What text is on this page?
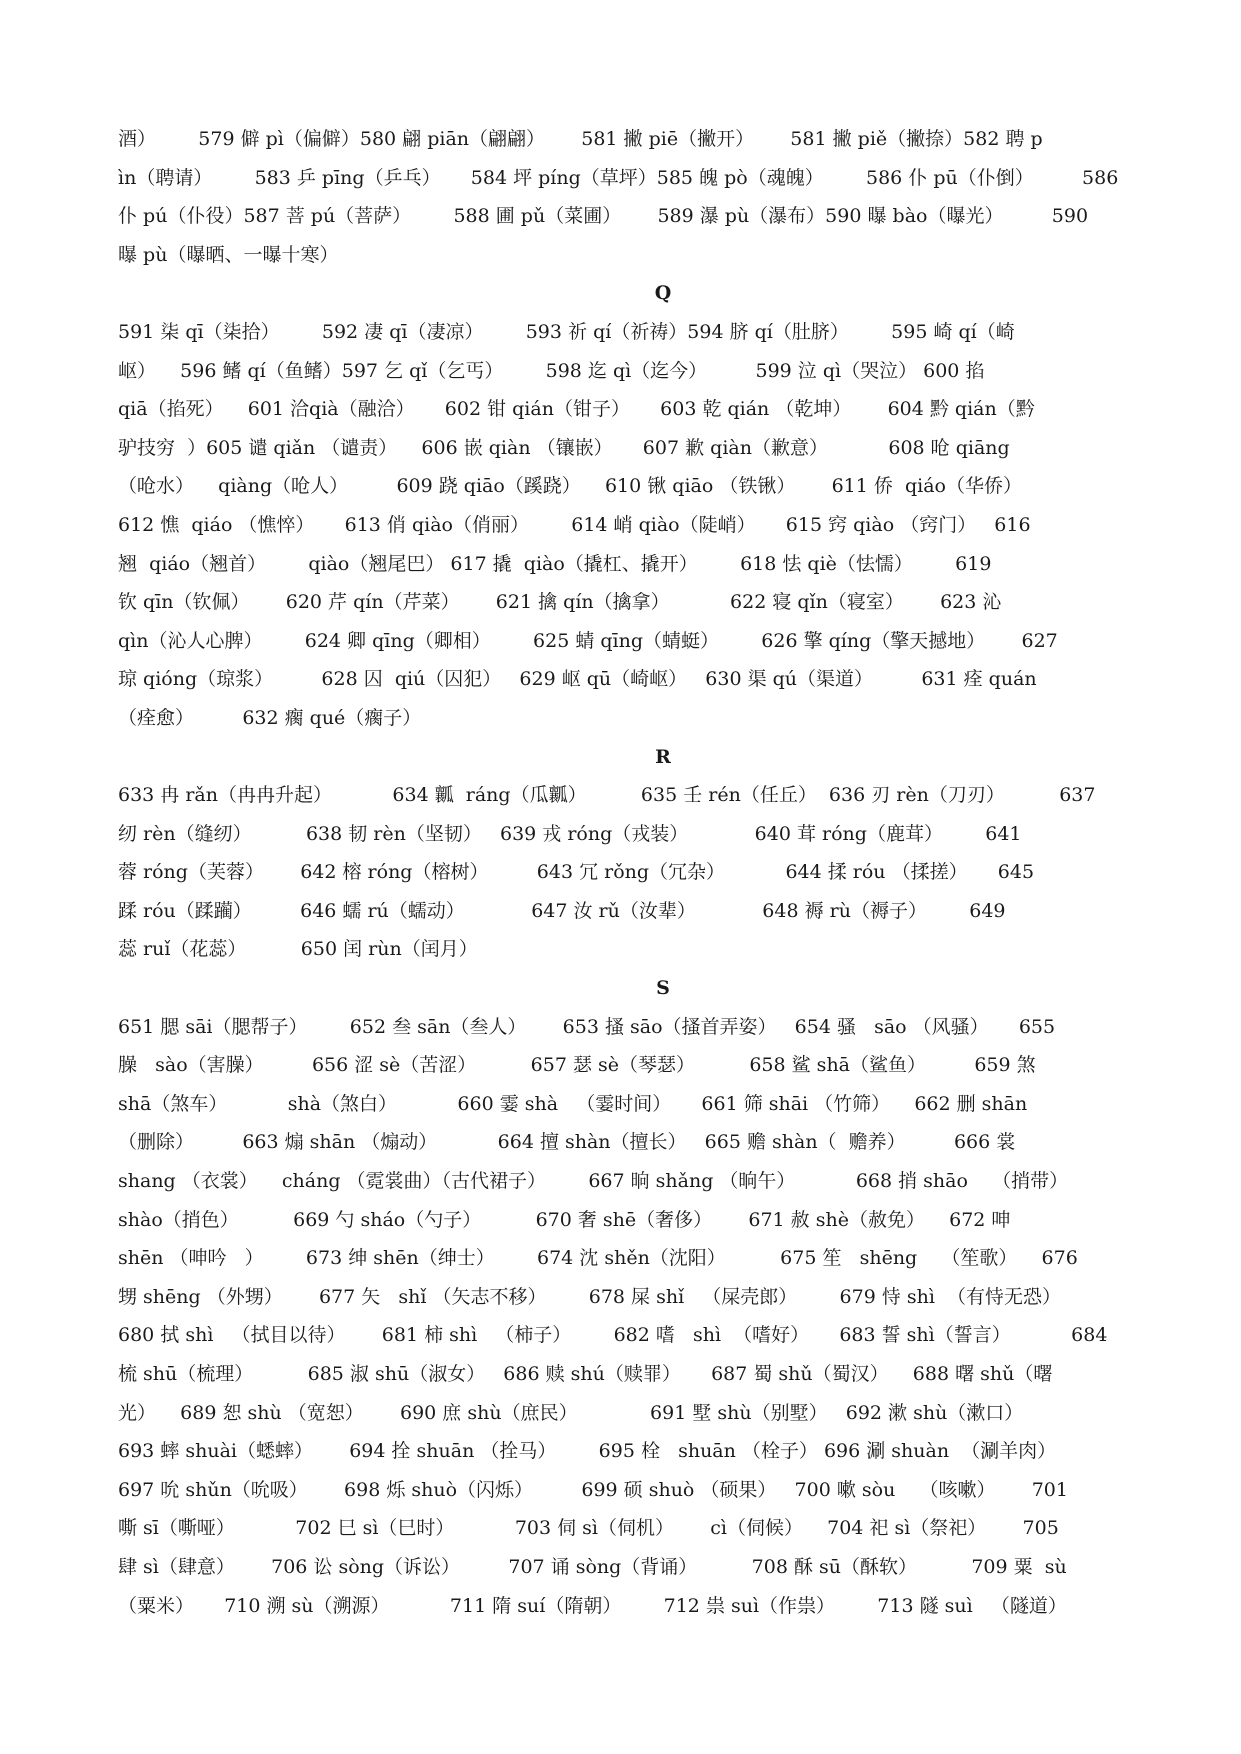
酒）       579 僻 pì（偏僻）580 翩 piān（翩翩）      581 撇 piē（撇开）      581 撇 piě（撇捺）582 聘 p
ìn（聘请）       583 乒 pīng（乒乓）     584 坪 píng（草坪）585 魄 pò（魂魄）       586 仆 pū（仆倒）        586
仆 pú（仆役）587 菩 pú（菩萨）       588 圃 pǔ（菜圃）      589 瀑 pù（瀑布）590 曝 bào（曝光）        590
曝 pù（曝晒、一曝十寒）
Q
591 柒 qī（柒拾）       592 凄 qī（凄凉）       593 祈 qí（祈祷）594 脐 qí（肚脐）       595 崎 qí（崎
岖）    596 鳍 qí（鱼鳍）597 乞 qǐ（乞丐）       598 迄 qì（迄今）        599 泣 qì（哭泣） 600 掐
qiā（掐死）    601 洽qià（融洽）     602 钳 qián（钳子）     603 乾 qián （乾坤）      604 黔 qián（黔
驴技穷  ）605 谴 qiǎn （谴责）    606 嵌 qiàn （镶嵌）     607 歉 qiàn（歉意）          608 呛 qiāng
（呛水）    qiàng（呛人）        609 跷 qiāo（蹊跷）    610 锹 qiāo （铁锹）      611 侨  qiáo（华侨）
612 憔  qiáo （憔悴）     613 俏 qiào（俏丽）       614 峭 qiào（陡峭）     615 窍 qiào （窍门）   616
翘  qiáo（翘首）       qiào（翘尾巴） 617 撬  qiào（撬杠、撬开）       618 怯 qiè（怯懦）       619
钦 qīn（钦佩）      620 芹 qín（芹菜）      621 擒 qín（擒拿）          622 寝 qǐn（寝室）      623 沁
qìn（沁人心脾）       624 卿 qīng（卿相）       625 蜻 qīng（蜻蜓）       626 擎 qíng（擎天撼地）      627
琼 qióng（琼浆）        628 囚  qiú（囚犯）   629 岖 qū（崎岖）   630 渠 qú（渠道）        631 痊 quán
（痊愈）        632 瘸 qué（瘸子）
R
633 冉 rǎn（冉冉升起）          634 瓤  ráng（瓜瓤）         635 壬 rén（任丘）  636 刃 rèn（刀刃）         637
纫 rèn（缝纫）         638 韧 rèn（坚韧）   639 戎 róng（戎装）           640 茸 róng（鹿茸）       641
蓉 róng（芙蓉）      642 榕 róng（榕树）        643 冗 rǒng（冗杂）          644 揉 róu （揉搓）     645
蹂 róu（蹂躏）        646 蠕 rú（蠕动）           647 汝 rǔ（汝辈）           648 褥 rù（褥子）       649
蕊 ruǐ（花蕊）         650 闰 rùn（闰月）
S
651 腮 sāi（腮帮子）       652 叁 sān（叁人）      653 搔 sāo（搔首弄姿）   654 骚   sāo （风骚）     655
臊   sào（害臊）        656 涩 sè（苦涩）         657 瑟 sè（琴瑟）         658 鲨 shā（鲨鱼）        659 煞
shā（煞车）          shà（煞白）          660 霎 shà   （霎时间）     661 筛 shāi （竹筛）    662 删 shān
（删除）        663 煽 shān （煽动）          664 擅 shàn（擅长）   665 赡 shàn（  赡养）        666 裳
shang （衣裳）    cháng （霓裳曲）（古代裙子）       667 晌 shǎng （晌午）          668 捎 shāo    （捎带）
shào（捎色）         669 勺 sháo（勺子）         670 奢 shē（奢侈）      671 赦 shè（赦免）    672 呻
shēn （呻吟   ）       673 绅 shēn（绅士）       674 沈 shěn（沈阳）         675 笙   shēng    （笙歌）    676
甥 shēng （外甥）      677 矢   shǐ （矢志不移）       678 屎 shǐ   （屎壳郎）       679 恃 shì  （有恃无恐）
680 拭 shì   （拭目以待）      681 柿 shì   （柿子）       682 嗜   shì  （嗜好）     683 誓 shì（誓言）          684
梳 shū（梳理）         685 淑 shū（淑女）   686 赎 shú（赎罪）     687 蜀 shǔ（蜀汉）    688 曙 shǔ（曙
光）    689 恕 shù （宽恕）      690 庶 shù（庶民）            691 墅 shù（别墅）   692 漱 shù（漱口）
693 蟀 shuài（蟋蟀）      694 拴 shuān （拴马）       695 栓   shuān （栓子） 696 涮 shuàn  （涮羊肉）
697 吮 shǔn（吮吸）      698 烁 shuò（闪烁）        699 硕 shuò （硕果）   700 嗽 sòu    （咳嗽）      701
嘶 sī（嘶哑）          702 巳 sì（巳时）          703 伺 sì（伺机）      cì（伺候）    704 祀 sì（祭祀）      705
肆 sì（肆意）      706 讼 sòng（诉讼）        707 诵 sòng（背诵）         708 酥 sū（酥软）         709 粟  sù
（粟米）     710 溯 sù（溯源）          711 隋 suí（隋朝）       712 祟 suì（作祟）       713 隧 suì   （隧道）
